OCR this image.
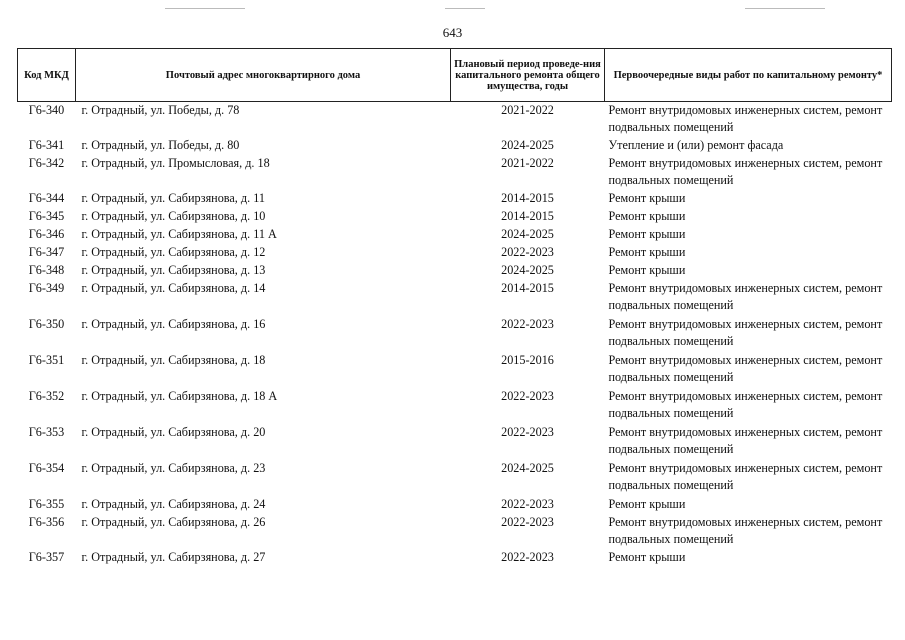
643
Код МКД	Почтовый адрес многоквартирного дома	Плановый период проведе-ния капитального ремонта общего имущества, годы	Первоочередные виды работ по капитальному ремонту*
Г6-340	г. Отрадный, ул. Победы, д. 78	2021-2022	Ремонт внутридомовых инженерных систем, ремонт подвальных помещений
Г6-341	г. Отрадный, ул. Победы, д. 80	2024-2025	Утепление и (или) ремонт фасада
Г6-342	г. Отрадный, ул. Промысловая, д. 18	2021-2022	Ремонт внутридомовых инженерных систем, ремонт подвальных помещений
Г6-344	г. Отрадный, ул. Сабирзянова, д. 11	2014-2015	Ремонт крыши
Г6-345	г. Отрадный, ул. Сабирзянова, д. 10	2014-2015	Ремонт крыши
Г6-346	г. Отрадный, ул. Сабирзянова, д. 11 А	2024-2025	Ремонт крыши
Г6-347	г. Отрадный, ул. Сабирзянова, д. 12	2022-2023	Ремонт крыши
Г6-348	г. Отрадный, ул. Сабирзянова, д. 13	2024-2025	Ремонт крыши
Г6-349	г. Отрадный, ул. Сабирзянова, д. 14	2014-2015	Ремонт внутридомовых инженерных систем, ремонт подвальных помещений
Г6-350	г. Отрадный, ул. Сабирзянова, д. 16	2022-2023	Ремонт внутридомовых инженерных систем, ремонт подвальных помещений
Г6-351	г. Отрадный, ул. Сабирзянова, д. 18	2015-2016	Ремонт внутридомовых инженерных систем, ремонт подвальных помещений
Г6-352	г. Отрадный, ул. Сабирзянова, д. 18 А	2022-2023	Ремонт внутридомовых инженерных систем, ремонт подвальных помещений
Г6-353	г. Отрадный, ул. Сабирзянова, д. 20	2022-2023	Ремонт внутридомовых инженерных систем, ремонт подвальных помещений
Г6-354	г. Отрадный, ул. Сабирзянова, д. 23	2024-2025	Ремонт внутридомовых инженерных систем, ремонт подвальных помещений
Г6-355	г. Отрадный, ул. Сабирзянова, д. 24	2022-2023	Ремонт крыши
Г6-356	г. Отрадный, ул. Сабирзянова, д. 26	2022-2023	Ремонт внутридомовых инженерных систем, ремонт подвальных помещений
Г6-357	г. Отрадный, ул. Сабирзянова, д. 27	2022-2023	Ремонт крыши
